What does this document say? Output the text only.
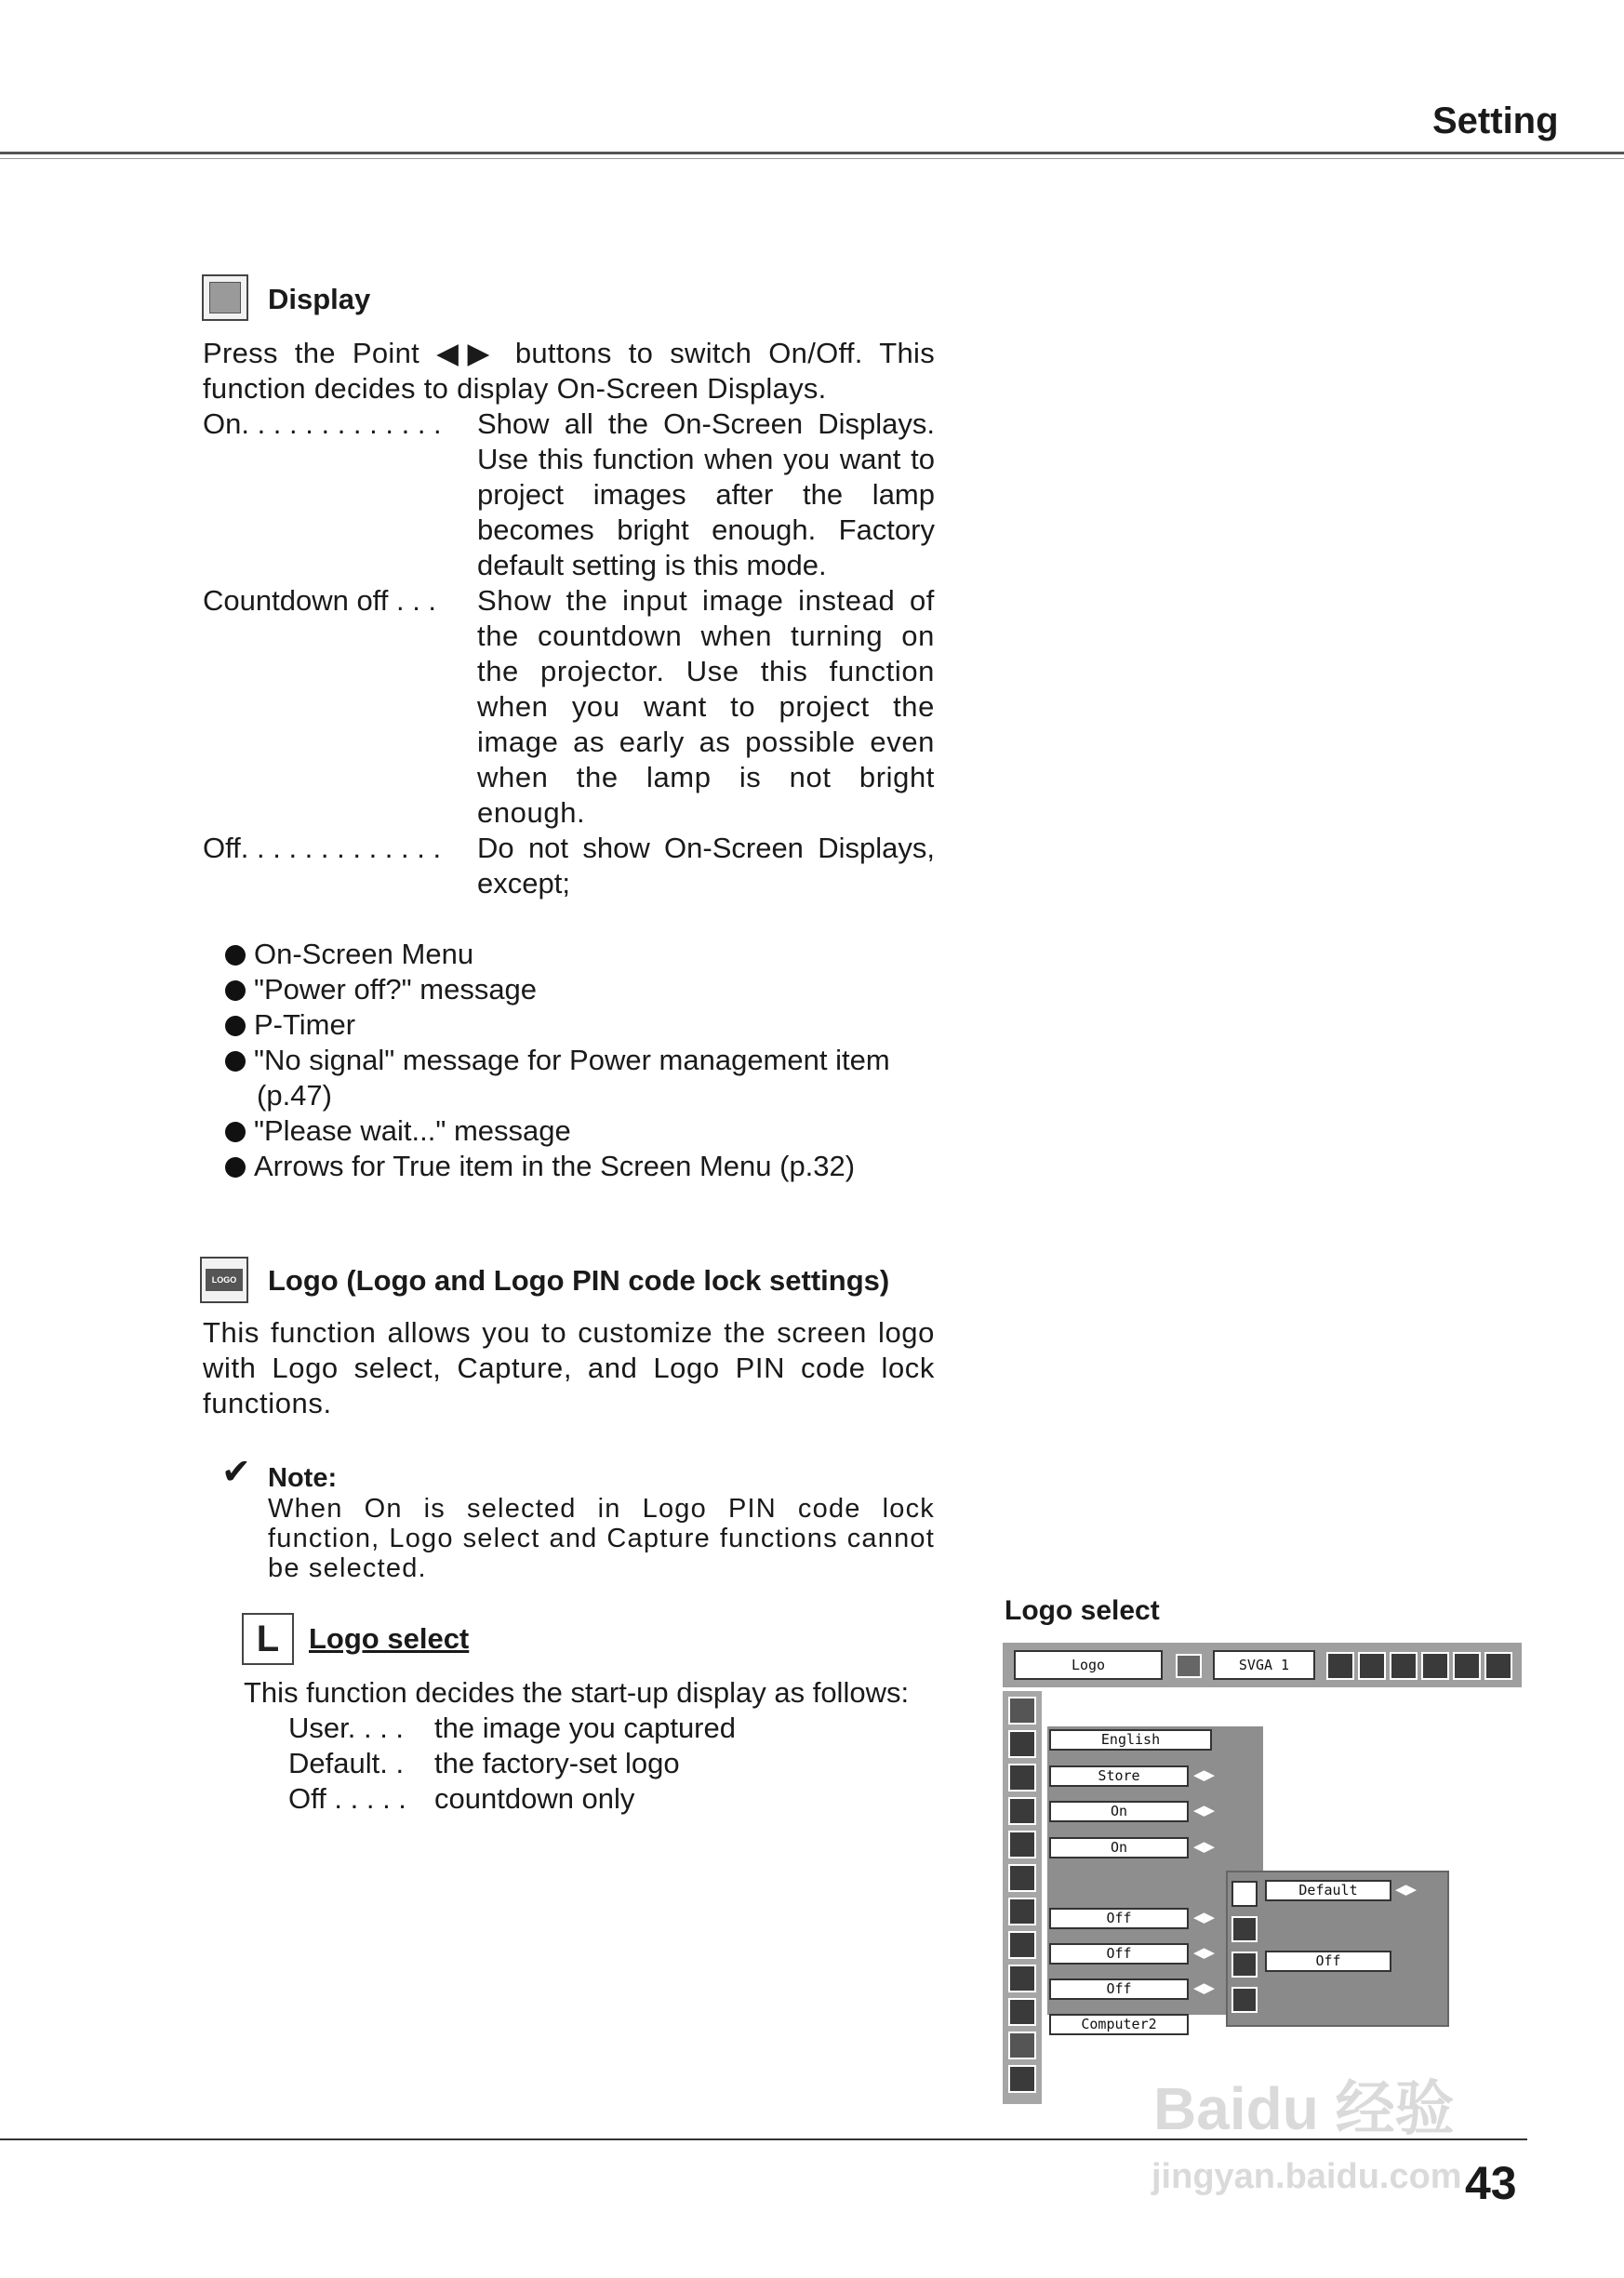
Setting
Display
Press the Point ◀▶ buttons to switch On/Off. This function decides to display On-Screen Displays.
On. . . . . . . . . . . . .	Show all the On-Screen Displays. Use this function when you want to project images after the lamp becomes bright enough. Factory default setting is this mode.
Countdown off . . .	Show the input image instead of the countdown when turning on the projector. Use this function when you want to project the image as early as possible even when the lamp is not bright enough.
Off. . . . . . . . . . . . .	Do not show On-Screen Displays, except;
On-Screen Menu
"Power off?" message
P-Timer
"No signal" message for Power management item
(p.47)
"Please wait..." message
Arrows for True item in the Screen Menu (p.32)
LOGO Logo (Logo and Logo PIN code lock settings)
This function allows you to customize the screen logo with Logo select, Capture, and Logo PIN code lock functions.
✔ Note:
When On is selected in Logo PIN code lock function, Logo select and Capture functions cannot be selected.
L Logo select
This function decides the start-up display as follows:
User. . . . the image you captured
Default. . the factory-set logo
Off . . . . . countdown only
Logo select
Logo	SVGA 1
English
Store	◀▶
On	◀▶
On	◀▶
Off	◀▶
Off	◀▶
Off	◀▶
Computer2	◀▶
Default	◀▶
Off
43
Baidu 经验
jingyan.baidu.com
